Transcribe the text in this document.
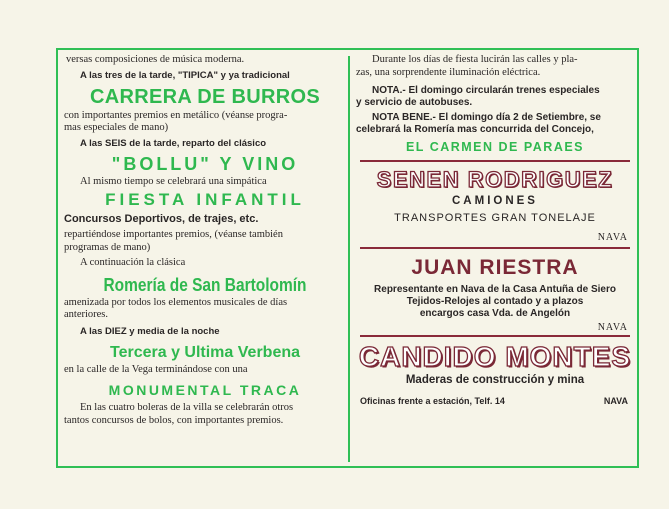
versas composiciones de música moderna.

A las tres de la tarde, "TIPICA" y ya tradicional

CARRERA DE BURROS

con importantes premios en metálico (véanse progra-

mas especiales de mano)

A las SEIS de la tarde, reparto del clásico

"BOLLU" Y VINO

Al mismo tiempo se celebrará una simpática

FIESTA INFANTIL

Concursos Deportivos, de trajes, etc.

repartiéndose importantes premios, (véanse también

programas de mano)

A continuación la clásica

Romería de San Bartolomín

amenizada por todos los elementos musicales de días

anteriores.

A las DIEZ y media de la noche

Tercera y Ultima Verbena

en la calle de la Vega terminándose con una

MONUMENTAL TRACA

En las cuatro boleras de la villa se celebrarán otros

tantos concursos de bolos, con importantes premios.

Durante los días de fiesta lucirán las calles y pla-

zas, una sorprendente iluminación eléctrica.

NOTA.- El domingo circularán trenes especiales

y servicio de autobuses.

NOTA BENE.- El domingo día 2 de Setiembre, se

celebrará la Romería mas concurrida del Concejo,

EL CARMEN DE PARAES

SENEN RODRIGUEZ

CAMIONES

TRANSPORTES GRAN TONELAJE

NAVA

JUAN RIESTRA

Representante en Nava de la Casa Antuña de Siero

Tejidos-Relojes al contado y a plazos

encargos casa Vda. de Angelón

NAVA

CANDIDO MONTES

Maderas de construcción y mina

Oficinas frente a estación, Telf. 14	NAVA
